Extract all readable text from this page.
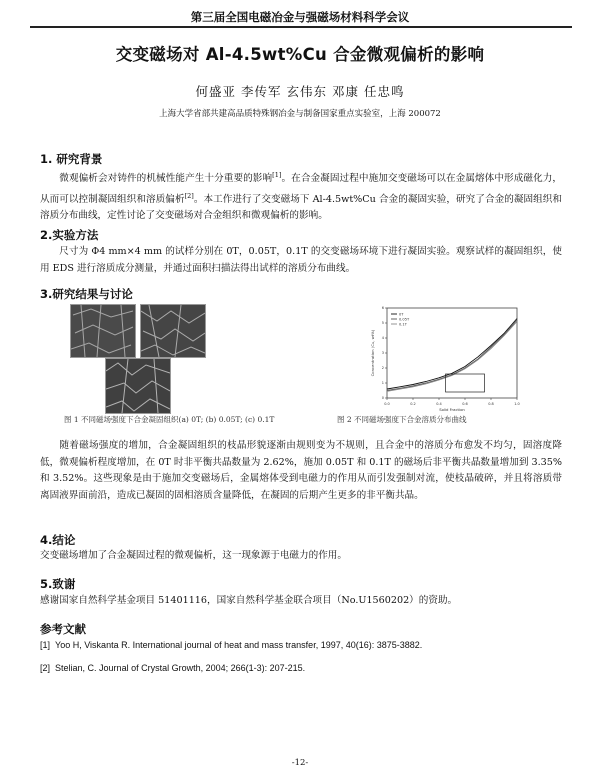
第三届全国电磁冶金与强磁场材料科学会议
交变磁场对 Al-4.5wt%Cu 合金微观偏析的影响
何盛亚 李传军 玄伟东 邓康 任忠鸣
上海大学省部共建高品质特殊钢冶金与制备国家重点实验室，上海 200072
1. 研究背景
微观偏析会对铸件的机械性能产生十分重要的影响[1]。在合金凝固过程中施加交变磁场可以在金属熔体中形成磁化力，从而可以控制凝固组织和溶质偏析[2]。本工作进行了交变磁场下 Al-4.5wt%Cu 合金的凝固实验，研究了合金的凝固组织和溶质分布曲线，定性讨论了交变磁场对合金组织和微观偏析的影响。
2.实验方法
尺寸为 Φ4 mm×4 mm 的试样分别在 0T，0.05T，0.1T 的交变磁场环境下进行凝固实验。观察试样的凝固组织，使用 EDS 进行溶质成分测量，并通过面积扫描法得出试样的溶质分布曲线。
3.研究结果与讨论
图 1 不同磁场强度下合金凝固组织(a) 0T; (b) 0.05T; (c) 0.1T
0.0	0.2	0.4	0.6	0.8	1.0
0
1
2
3
4
5
6
Solid Fraction
Concentration (Cu, wt%)
0T
0.05T
0.1T
图 2 不同磁场强度下合金溶质分布曲线
随着磁场强度的增加，合金凝固组织的枝晶形貌逐渐由规则变为不规则，且合金中的溶质分布愈发不均匀，固溶度降低，微观偏析程度增加，在 0T 时非平衡共晶数量为 2.62%，施加 0.05T 和 0.1T 的磁场后非平衡共晶数量增加到 3.35%和 3.52%。这些现象是由于施加交变磁场后，金属熔体受到电磁力的作用从而引发强制对流，使枝晶破碎，并且将溶质带离固液界面前沿，造成已凝固的固相溶质含量降低，在凝固的后期产生更多的非平衡共晶。
4.结论
交变磁场增加了合金凝固过程的微观偏析，这一现象源于电磁力的作用。
5.致谢
感谢国家自然科学基金项目 51401116，国家自然科学基金联合项目（No.U1560202）的资助。
参考文献
[1] Yoo H, Viskanta R. International journal of heat and mass transfer, 1997, 40(16): 3875-3882.
[2] Stelian, C. Journal of Crystal Growth, 2004; 266(1-3): 207-215.
-12-
